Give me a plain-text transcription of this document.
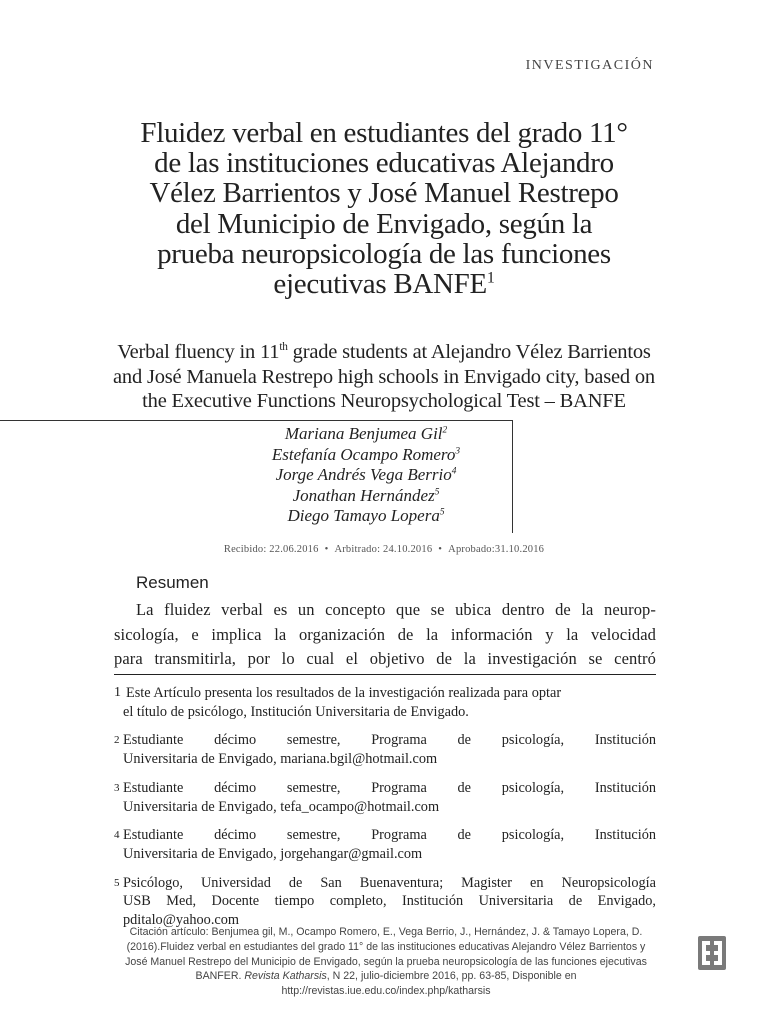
INVESTIGACIÓN
Fluidez verbal en estudiantes del grado 11°
de las instituciones educativas Alejandro
Vélez Barrientos y José Manuel Restrepo
del Municipio de Envigado, según la
prueba neuropsicología de las funciones
ejecutivas BANFE$^1$
Verbal fluency in 11th grade students at Alejandro Vélez Barrientos
and José Manuela Restrepo high schools in Envigado city, based on
the Executive Functions Neuropsychological Test – BANFE
Mariana Benjumea Gil$^2$
Estefanía Ocampo Romero$^3$
Jorge Andrés Vega Berrio$^4$
Jonathan Hernández$^5$
Diego Tamayo Lopera$^5$
Recibido: 22.06.2016 • Arbitrado: 24.10.2016 • Aprobado:31.10.2016
Resumen
La fluidez verbal es un concepto que se ubica dentro de la neurop-
sicología, e implica la organización de la información y la velocidad
para transmitirla, por lo cual el objetivo de la investigación se centró
1 Este Artículo presenta los resultados de la investigación realizada para optar
el título de psicólogo, Institución Universitaria de Envigado.
2 Estudiante décimo semestre, Programa de psicología, Institución
Universitaria de Envigado, mariana.bgil@hotmail.com
3 Estudiante décimo semestre, Programa de psicología, Institución
Universitaria de Envigado, tefa_ocampo@hotmail.com
4 Estudiante décimo semestre, Programa de psicología, Institución
Universitaria de Envigado, jorgehangar@gmail.com
5 Psicólogo, Universidad de San Buenaventura; Magister en Neuropsicología
USB Med, Docente tiempo completo, Institución Universitaria de Envigado,
pditalo@yahoo.com
Citación artículo: Benjumea gil, M., Ocampo Romero, E., Vega Berrio, J., Hernández, J. & Tamayo Lopera, D. (2016).Fluidez verbal en estudiantes del grado 11° de las instituciones educativas Alejandro Vélez Barrientos y José Manuel Restrepo del Municipio de Envigado, según la prueba neuropsicología de las funciones ejecutivas BANFER. Revista Katharsis, N 22, julio-diciembre 2016, pp. 63-85, Disponible en http://revistas.iue.edu.co/index.php/katharsis
